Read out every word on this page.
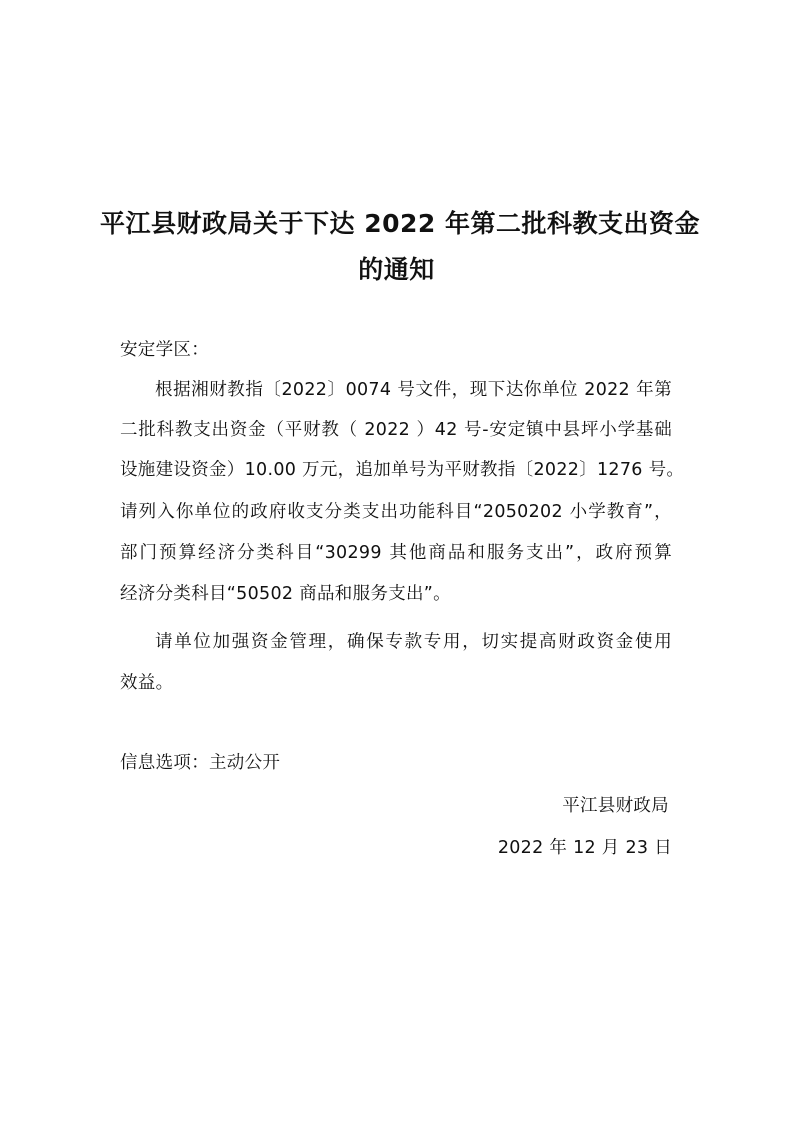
平江县财政局关于下达 2022 年第二批科教支出资金
的通知
安定学区：
根据湘财教指〔2022〕0074 号文件，现下达你单位 2022 年第
二批科教支出资金（平财教（ 2022 ）42 号-安定镇中县坪小学基础
设施建设资金）10.00 万元，追加单号为平财教指〔2022〕1276 号。
请列入你单位的政府收支分类支出功能科目“2050202 小学教育”，
部门预算经济分类科目“30299 其他商品和服务支出”，政府预算
经济分类科目“50502 商品和服务支出”。
请单位加强资金管理，确保专款专用，切实提高财政资金使用
效益。
信息选项：主动公开
平江县财政局
2022 年 12 月 23 日
